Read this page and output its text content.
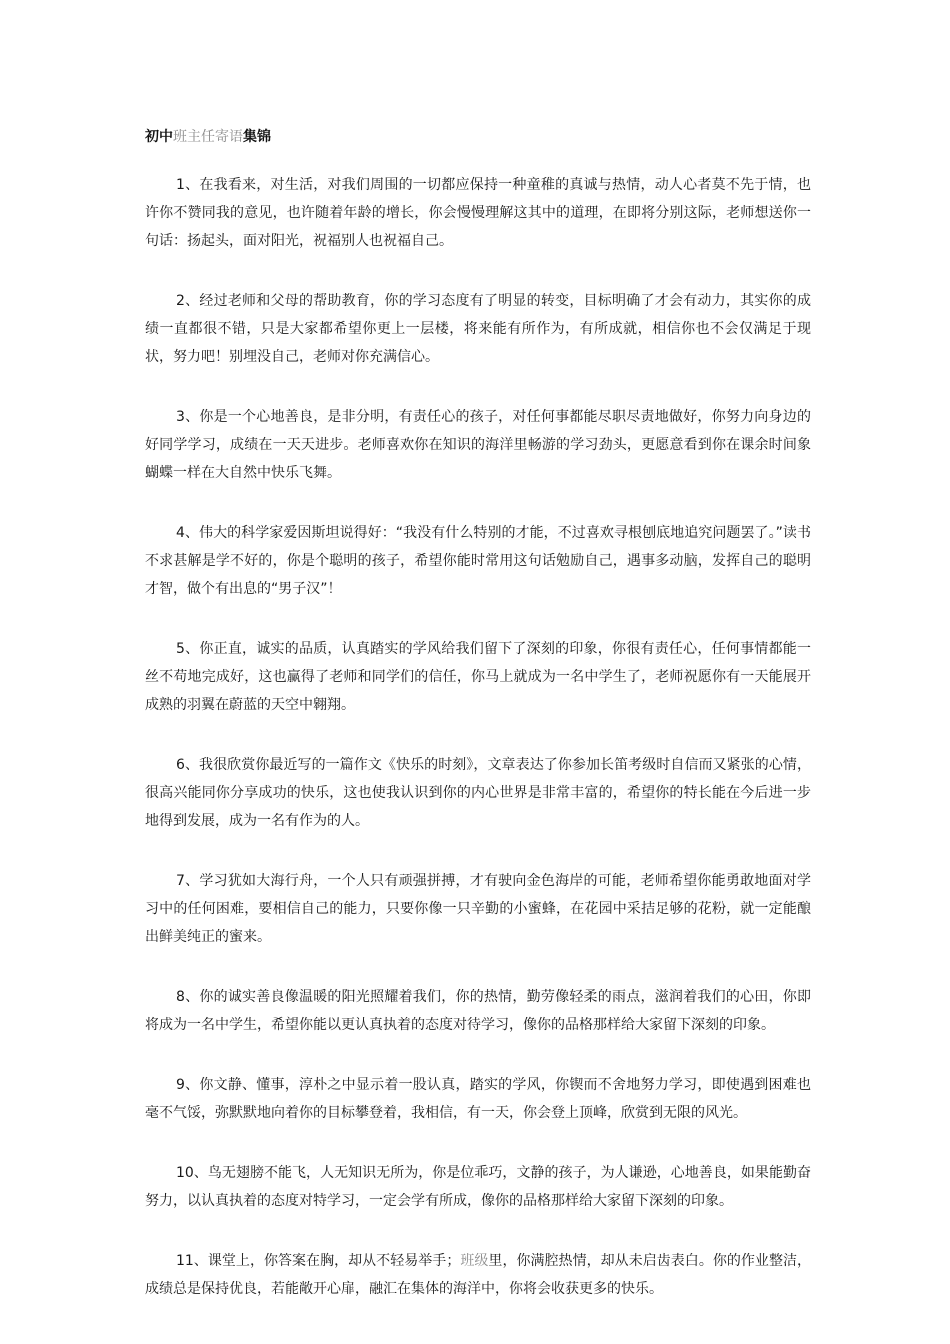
初中班主任寄语集锦

1、在我看来，对生活，对我们周围的一切都应保持一种童稚的真诚与热情，动人心者莫不先于情，也许你不赞同我的意见，也许随着年龄的增长，你会慢慢理解这其中的道理，在即将分别这际，老师想送你一句话：扬起头，面对阳光，祝福别人也祝福自己。

2、经过老师和父母的帮助教育，你的学习态度有了明显的转变，目标明确了才会有动力，其实你的成绩一直都很不错，只是大家都希望你更上一层楼，将来能有所作为，有所成就，相信你也不会仅满足于现状，努力吧！别埋没自己，老师对你充满信心。

3、你是一个心地善良，是非分明，有责任心的孩子，对任何事都能尽职尽责地做好，你努力向身边的好同学学习，成绩在一天天进步。老师喜欢你在知识的海洋里畅游的学习劲头，更愿意看到你在课余时间象蝴蝶一样在大自然中快乐飞舞。

4、伟大的科学家爱因斯坦说得好：“我没有什么特别的才能，不过喜欢寻根刨底地追究问题罢了。”读书不求甚解是学不好的，你是个聪明的孩子，希望你能时常用这句话勉励自己，遇事多动脑，发挥自己的聪明才智，做个有出息的“男子汉”！

5、你正直，诚实的品质，认真踏实的学风给我们留下了深刻的印象，你很有责任心，任何事情都能一丝不苟地完成好，这也赢得了老师和同学们的信任，你马上就成为一名中学生了，老师祝愿你有一天能展开成熟的羽翼在蔚蓝的天空中翱翔。

6、我很欣赏你最近写的一篇作文《快乐的时刻》，文章表达了你参加长笛考级时自信而又紧张的心情，很高兴能同你分享成功的快乐，这也使我认识到你的内心世界是非常丰富的，希望你的特长能在今后进一步地得到发展，成为一名有作为的人。

7、学习犹如大海行舟，一个人只有顽强拼搏，才有驶向金色海岸的可能，老师希望你能勇敢地面对学习中的任何困难，要相信自己的能力，只要你像一只辛勤的小蜜蜂，在花园中采拮足够的花粉，就一定能酿出鲜美纯正的蜜来。

8、你的诚实善良像温暖的阳光照耀着我们，你的热情，勤劳像轻柔的雨点，滋润着我们的心田，你即将成为一名中学生，希望你能以更认真执着的态度对待学习，像你的品格那样给大家留下深刻的印象。

9、你文静、懂事，淳朴之中显示着一股认真，踏实的学风，你锲而不舍地努力学习，即使遇到困难也毫不气馁，弥默默地向着你的目标攀登着，我相信，有一天，你会登上顶峰，欣赏到无限的风光。

10、鸟无翅膀不能飞，人无知识无所为，你是位乖巧，文静的孩子，为人谦逊，心地善良，如果能勤奋努力，以认真执着的态度对特学习，一定会学有所成，像你的品格那样给大家留下深刻的印象。

11、课堂上，你答案在胸，却从不轻易举手；班级里，你满腔热情，却从未启齿表白。你的作业整洁，成绩总是保持优良，若能敞开心扉，融汇在集体的海洋中，你将会收获更多的快乐。
